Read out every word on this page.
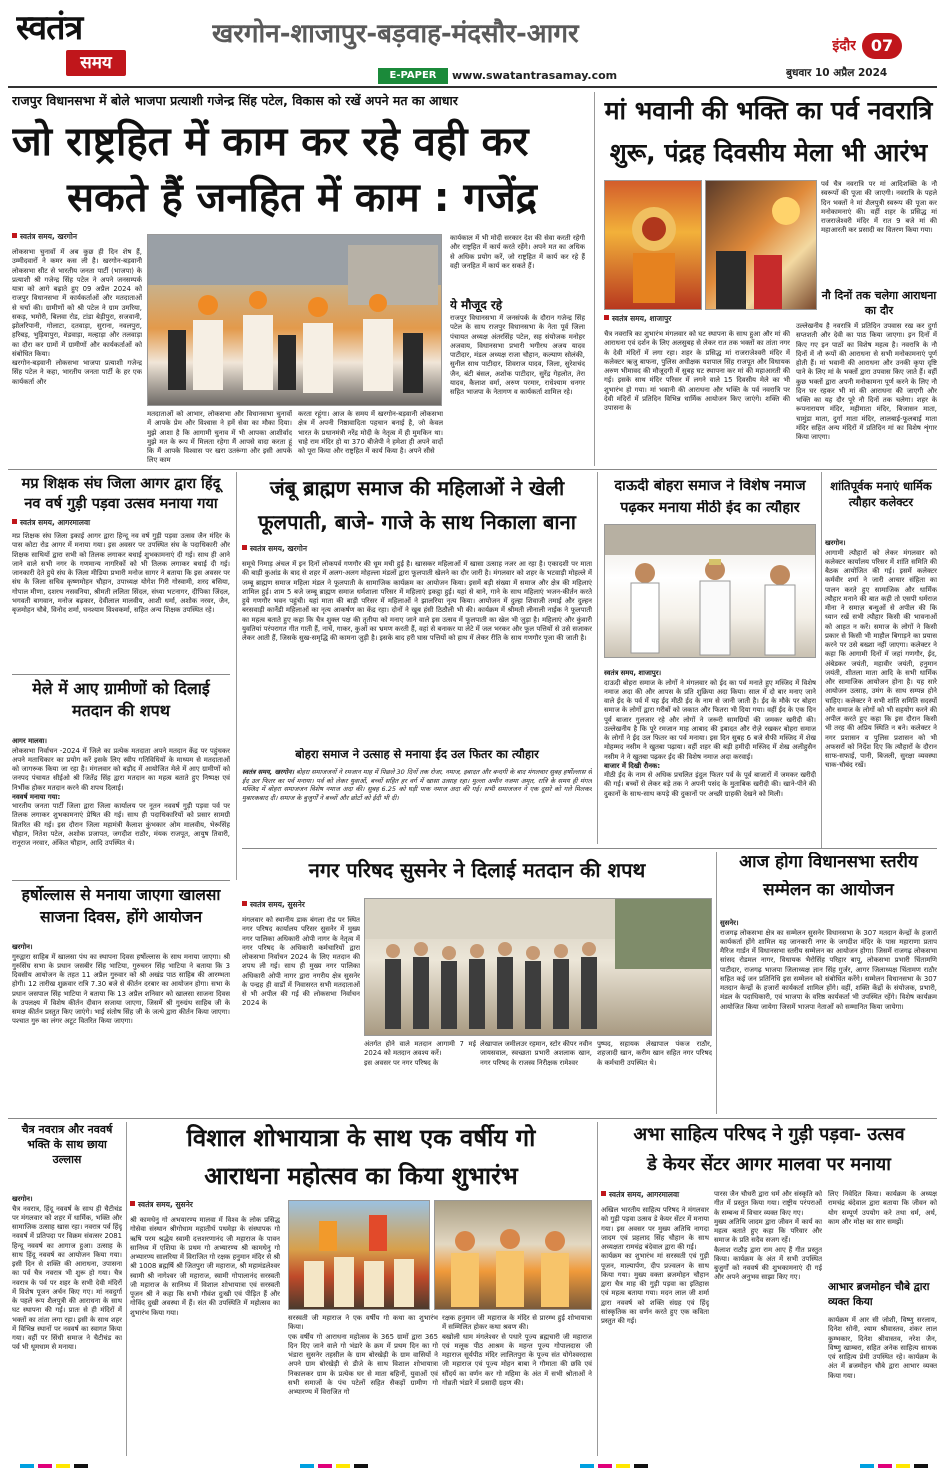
स्वतंत्र
समय
खरगोन-शाजापुर-बड़वाह-मंदसौर-आगर	इंदौर 07
बुधवार 10 अप्रैल 2024
E-PAPER	www.swatantrasamay.com
राजपुर विधानसभा में बोले भाजपा प्रत्याशी गजेन्द्र सिंह पटेल, विकास को रखें अपने मत का आधार
जो राष्ट्रहित में काम कर रहे वही कर
सकते हैं जनहित में काम : गजेंद्र
स्वतंत्र समय, खरगोन
लोकसभा चुनावों में अब कुछ ही दिन शेष हैं, उम्मीदवारों ने कमर कस ली है। खरगोन-बड़वानी लोकसभा सीट से भारतीय जनता पार्टी (भाजपा) के प्रत्याशी श्री गजेन्द्र सिंह पटेल ने अपने जनसम्पर्क यात्रा को आगे बढ़ाते हुए 09 अप्रैल 2024 को राजपुर विधानसभा में कार्यकर्ताओं और मतदाताओं से चर्चा की। ग्रामीणों को श्री पटेल ने ग्राम उमरिया, सकड़, भमोरी, बिलवा रोड, टांडा बेड़ीपुरा, सजवानी, झोलरिपानी, गोलाटा, दतवाड़ा, सुराना, नवलपुरा, हरिबड़, भुड़ियापुरा, मेडवाड़ा, मल्हाड़ा और तलवाड़ा का दौरा कर ग्रामों में ग्रामीणों और कार्यकर्ताओं को संबोधित किया।
खरगोन-बड़वानी लोकसभा भाजपा प्रत्याशी गजेन्द्र सिंह पटेल ने कहा, भारतीय जनता पार्टी के हर एक कार्यकर्ता और
मतदाताओं को आभार, लोकसभा और विधानसभा चुनावों में आपके प्रेम और विश्वास ने हमें सेवा का मौका दिया। मुझे आशा है कि आगामी चुनाव में भी आपका आशीर्वाद मुझे मत के रूप में मिलता रहेगा मैं आपसे वादा करता हूं कि मैं आपके विश्वास पर खरा उतरूंगा और इसी आपके लिए काम
करता रहूंगा। आज के समय में खरगोन-बड़वानी लोकसभा क्षेत्र में अपनी निष्ठावादिता पहचान बनाई है, जो केवल भारत के प्रधानमंत्री नरेंद्र मोदी के नेतृत्व में ही मुमकिन था। चाहे राम मंदिर हो या 370 बीजेपी ने हमेशा ही अपने वादों को पूरा किया और राष्ट्रहित में कार्य किया है। अपने सीसे
कार्यकाल में भी मोदी सरकार देश की सेवा करती रहेगी और राष्ट्रहित में कार्य करते रहेंगे। अपने मत का अधिक से अधिक प्रयोग करें, जो राष्ट्रहित में कार्य कर रहे हैं वही जनहित में कार्य कर सकते हैं।
ये मौजूद रहे
राजपुर विधानसभा में जनसंपर्क के दौरान गजेन्द्र सिंह पटेल के साथ राजपुर विधानसभा के नेता पूर्व जिला पंचायत अध्यक्ष अंतरसिंह पटेल, सह संयोजक मनोहर अजवाय, विधानसभा प्रभारी भगीरथ अजय यादव पाटीदार, मंडल अध्यक्ष राजा चौहान, कल्याण सोलंकी, सुनील साथ पाटीदार, शिवराज यादव, जिला, सुरेशचंद जैन, बंटी बंसल, अशोक पाटीदार, सुरेंद्र गेहलोत, तेरा यादव, कैलाश वर्मा, अरुण परमार, राधेश्याम धनगर सहित भाजपा के नेतागण व कार्यकर्ता शामिल रहे।
मां भवानी की भक्ति का पर्व नवरात्रि
शुरू, पंद्रह दिवसीय मेला भी आरंभ
पर्व चैत्र नवरात्रि पर मां आदिशक्ति के नौ स्वरूपों की पूजा की जाएगी। नवरात्रि के पहले दिन भक्तों ने मां शैलपुत्री स्वरूप की पूजा कर मनोकामनाएं की। वहीं शहर के प्रसिद्ध मां राजराजेश्वरी मंदिर में रात 9 बजे मां की महाआरती कर प्रसादी का वितरण किया गया।
नौ दिनों तक चलेगा आराधना का दौर
स्वतंत्र समय, शाजापुर
चैत्र नवरात्रि का शुभारंभ मंगलवार को घट स्थापना के साथ हुआ और मां की आराधना एवं दर्शन के लिए अलसुबह से लेकर रात तक भक्तों का तांता नगर के देवी मंदिरों में लगा रहा। शहर के प्रसिद्ध मां राजराजेश्वरी मंदिर में कलेक्टर ऋजु बाफना, पुलिस अधीक्षक यशपाल सिंह राजपूत और विधायक अरुण भीमावद की मौजूदगी में सुबह घट स्थापना कर मां की महाआरती की गई। इसके साथ मंदिर परिसर में लगने वाले 15 दिवसीय मेले का भी शुभारंभ हो गया। मां भवानी की आराधना और भक्ति के पर्व नवरात्रि पर देवी मंदिरों में प्रतिदिन विभिन्न धार्मिक आयोजन किए जाएंगे। शक्ति की उपासना के
उल्लेखनीय है नवरात्रि में प्रतिदिन उपवास रख कर दुर्गा सप्तशती और देवी का पाठ किया जाएगा। इन दिनों में किए गए इन पाठों का विशेष महत्व है। नवरात्रि के नौ दिनों में नौ रूपों की आराधना से सभी मनोकामनाएं पूर्ण होती हैं। मां भवानी की आराधना और उनकी कृपा दृष्टि पाने के लिए मां के भक्तों द्वारा उपवास किए जाते हैं। वहीं कुछ भक्तों द्वारा अपनी मनोकामना पूर्ण करने के लिए नौ दिन घर रहकर भी मां की आराधना की जाएगी और भक्ति का यह दौर पूरे नौ दिनों तक चलेगा। शहर के रूपनारायण मंदिर, महीमाता मंदिर, बिजासन माता, चामुंडा माता, दुर्गा माता मंदिर, लालबाई-फूलबाई माता मंदिर सहित अन्य मंदिरों में प्रतिदिन मां का विशेष शृंगार किया जाएगा।
मप्र शिक्षक संघ जिला आगर द्वारा हिंदू नव वर्ष गुड़ी पड़वा उत्सव मनाया गया
स्वतंत्र समय, आगरमालवा
मप्र शिक्षक संघ जिला इकाई आगर द्वारा हिन्दू नव वर्ष गुड़ी पड़वा उत्सव जैन मंदिर के पास कोटा रोड आगर में मनाया गया। इस अवसर पर उपस्थित संघ के पदाधिकारी और शिक्षक साथियों द्वारा सभी को तिलक लगाकर बधाई शुभकामनाएं दी गई। साथ ही आने जाने वाले सभी नगर के गणमान्य नागरिकों को भी तिलक लगाकर बधाई दी गई। जानकारी देते हुये संघ के जिला मीडिया प्रभारी मनोज सागर ने बताया कि इस अवसर पर संघ के जिला सचिव कृष्णमोहन चौहान, उपाध्यक्ष योगेश गिरी गोस्वामी, शरद बसिया, गोपाल मीणा, दशरथ नसवनिया, श्रीमती ललिता सिंदल, संध्या भटनागर, दीपिका जिंदल, भगवती बागवान, मनोज बढ़कार, देवीलाल मालवीय, आशी धर्मा, अशोक नरवर, जैन, बृजमोहन चौबे, विनोद शर्मा, घनश्याम विश्वकर्मा, सहित अन्य शिक्षक उपस्थित रहे।
मेले में आए ग्रामीणों को दिलाई मतदान की शपथ

आगर मालवा।
लोकसभा निर्वाचन -2024 में जिले का प्रत्येक मतदाता अपने मतदान केंद्र पर पहुंचकर अपने मताधिकार का प्रयोग करें इसके लिए स्वीप गतिविधियों के माध्यम से मतदाताओं को जागरूक किया जा रहा है। मंगलवार को बड़ौद में आयोजित मेले में आए ग्रामीणों को जनपद पंचायत सीईओ श्री जितेंद्र सिंह द्वारा मतदान का महत्व बताते हुए निष्पक्ष एवं निर्भीक होकर मतदान करने की शपथ दिलाई।
नववर्ष मनाया गया:
भारतीय जनता पार्टी जिला द्वारा जिला कार्यालय पर नूतन नववर्ष गुड़ी पड़वा पर्व पर तिलक लगाकर शुभकामनाएं प्रेषित की गई। साथ ही पदाधिकारियों को प्रसार सामग्री वितरित की गई। इस दौरान जिला महामंत्री कैलाश कुंभकार ओम मालवीय, भेरूसिंह चौहान, नितेश पटेल, अशोक प्रजापत, जगदीश राठौर, मंयक राजपूत, आयुष तिवारी, रानूराज नरवार, अंकित चौहान, आदि उपस्थित थे।

जंबू ब्राह्मण समाज की महिलाओं ने खेली
फूलपाती, बाजे- गाजे के साथ निकाला बाना
स्वतंत्र समय, खरगोन
समूचे निमाड़ अंचल में इन दिनों लोकपर्व गणगौर की धूम मची हुई है। खासकर महिलाओं में खासा उत्साह नजर आ रहा है। एकादशी पर माता की बाड़ी कुआंड के बाद से शहर में अलग-अलग मोहल्ला मंडलों द्वारा फूलपाती खेलने का दौर जारी है। मंगलवार को शहर के भटवाड़ी मोहल्ले में जम्बू ब्राह्मण समाज महिला मंडल ने फूलपाती के सामाजिक कार्यक्रम का आयोजन किया। इसमें बड़ी संख्या में समाज और क्षेत्र की महिलाएं शामिल हुई। शाम 5 बजे जम्बू ब्राह्मण समाज धर्मशाला परिसर में महिलाएं इकट्ठा हुई। यहां से बाने, गाने के साथ महिलाएं भजन-कीर्तन करते हुये गणगौर भवन पहुंची। यहां माता की बाड़ी परिसर में महिलाओं ने झालरिया नृत्य किया। आयोजन में दुल्हा शिवाजी तमाई और दुल्हन बरसवाड़ी कार्नेडी महिलाओं का नृत्य आकर्षण का केंद्र रहा। दोनों ने खूब हंसी ठिठौली भी की। कार्यक्रम में श्रीमती लीनाली नाईक ने फूलपाती का महत्व बताते हुए कहा कि चैत्र शुक्ल पक्ष की तृतीया को मनाए जाने वाले इस उत्सव में फूलपाती का खेल भी जुड़ा है। महिलाएं और कुंवारी युवतियां परंपरागत गीत गाती हैं, नाचें, गाकर, कुओं का भ्रमण करती हैं, वहां से बनाकर या लेटे में जल भरकर और फूल पत्तियों से उसे सजाकर लेकर आती हैं, जिसके सुख-समृद्धि की कामना जुड़ी है। इसके बाद हरी घास पत्तियों को हाथ में लेकर रीति के साथ गणगौर पूजा की जाती है।
बोहरा समाज ने उत्साह से मनाया ईद उल फितर का त्यौहार
स्वतंत्र समय, खरगोन। बोहरा समाजजनों ने रमजान माह में पिछले 30 दिनों तक रोजा, नमाज, इबादत और बन्दगी के बाद मंगलवार सुबह हर्षोल्लास से ईद उल फितर का पर्व मनाया। पर्व को लेकर युवाओं, बच्चों सहित हर वर्ग में खासा उत्साह रहा। मुल्ला अमीन नजमा अमृत, रात्रि के समय ही मंगल मस्जिद में बोहरा समाजजन विशेष नमाज अदा की। सुबह 6.25 को घड़ी पाक नमाज अदा की गई। सभी समाजजन ने एक दूसरे को गले मिलकर मुबारकबाद दी। समाज के बुजुर्गों ने बच्चों और छोटों को ईदी भी दी।
दाऊदी बोहरा समाज ने विशेष नमाज
पढ़कर मनाया मीठी ईद का त्यौहार

स्वतंत्र समय, शाजापुर।
दाऊदी बोहरा समाज के लोगों ने मंगलवार को ईद का पर्व मनाते हुए मस्जिद में विशेष नमाज अदा की और आपस के प्रति शुक्रिया अदा किया। साल में दो बार मनाए जाने वाले ईद के पर्व में यह ईद मीठी ईद के नाम से जानी जाती है। ईद के मौके पर बोहरा समाज के लोगों द्वारा गरीबों को जकात और फितरा भी दिया गया। वहीं ईद के एक दिन पूर्व बाजार गुलजार रहे और लोगों ने जरूरी सामग्रियों की जमकर खरीदी की। उल्लेखनीय है कि पूरे रमजान माह आबाद की इबादत और रोज़े रखकर बोहरा समाज के लोगों ने ईद उल फितर का पर्व मनाया। इस दिन सुबह 6 बजे सैफी मस्जिद में शेख मोहम्मद नसीम ने खुतबा पढ़ाया। वहीं शहर की बड़ी हमीदी मस्जिद में शेख अलीहुसैन नसीम ने ने खुतबा पढ़कर ईद की विशेष नमाज अदा करवाई।
बाजार में दिखी रौनक:
मीठी ईद के नाम से अधिक प्रचलित इंदुल फितर पर्व के पूर्व बाजारों में जमकर खरीदी की गई। बच्चों से लेकर बड़े तक ने अपनी पसंद के मुताबिक खरीदी की। खाने-पीने की दुकानों के साथ-साथ कपड़े की दुकानों पर अच्छी ग्राहकी देखने को मिली।

शांतिपूर्वक मनाएं धार्मिक त्यौहार कलेक्टर

खरगोन।
आगामी त्यौहारों को लेकर मंगलवार को कलेक्टर कार्यालय परिसर में शांति समिति की बैठक आयोजित की गई। इसमें कलेक्टर कर्मवीर शर्मा ने जारी आचार संहिता का पालन करते हुए सामाजिक और धार्मिक त्यौहार मनाने की बात कही तो एसपी धर्मराज मीना ने समाज़ बन्धुओं से अपील की कि ध्यान रखें सभी त्यौहार किसी की भावनाओं को आहत न करें। समाज के लोगों ने किसी प्रकार से किसी भी माहौल बिगाड़ने का प्रयास करने पर उसे बख्शा नहीं जाएगा। कलेक्टर ने कहा कि आगामी दिनों में जहां गणगौर, ईद, अंबेडकर जयंती, महावीर जयंती, हनुमान जयंती, शीतला माता आदि के सभी धार्मिक और सामाजिक आयोजन होना है। यह सारे आयोजन उत्साह, उमंग के साथ सम्पन्न होने चाहिए। कलेक्टर ने सभी शांति समिति सदस्यों और समाज के लोगों को भी सहयोग करने की अपील करते हुए कहा कि इस दौरान किसी भी तरह की अप्रिय स्थिति न बने। कलेक्टर ने नगर प्रशासन व पुलिस प्रशासन को भी अफसरों को निर्देश दिए कि त्यौहारों के दौरान साफ-सफाई, पानी, बिजली, सुरक्षा व्यवस्था चाक-चौबंद रखें।

हर्षोल्लास से मनाया जाएगा खालसा साजना दिवस, होंगे आयोजन

खरगोन।
गुरुद्वारा साहिब में खालसा पंथ का स्थापना दिवस हर्षोल्लास के साथ मनाया जाएगा। श्री गुरुसिंघ सभा के प्रधान जसबीर सिंह भाटिया, गुरुचरन सिंह भाटिया ने बताया कि 3 दिवसीय आयोजन के तहत 11 अप्रैल गुरुवार को श्री अखंड पाठ साहिब की आरम्भता होगी। 12 तारीख शुक्रवार रात्रि 7.30 बजे से कीर्तन दरबार का आयोजन होगा। सभा के प्रधान जसपाल सिंह भाटिया ने बताया कि 13 अप्रैल शनिवार को खालसा साजना दिवस के उपलक्ष्य में विशेष कीर्तन दीवान सजाया जाएगा, जिसमें श्री गुरुग्रंथ साहिब जी के समक्ष कीर्तन प्रस्तुत किए जाएंगे। भाई संतोष सिंह जी के जत्थे द्वारा कीर्तन किया जाएगा। पश्चात गुरु का लंगर अटूट वितरित किया जाएगा।

नगर परिषद सुसनेर ने दिलाई मतदान की शपथ
स्वतंत्र समय, सुसनेर
मंगलवार को स्थानीय डाक बंगला रोड पर स्थित नगर परिषद कार्यालय परिसर सुसनेर में मुख्य नगर पालिका अधिकारी ओपी नागर के नेतृत्व में नगर परिषद के अधिकारी कर्मचारियों द्वारा लोकसभा निर्वाचन 2024 के लिए मतदान की शपथ ली गई। साथ ही मुख्य नगर पालिका अधिकारी ओपी नागर द्वारा नगरीय क्षेत्र सुसनेर के पन्द्रह ही वार्डों में निवासरत सभी मतदाताओं से भी अपील की गई की लोकसभा निर्वाचन 2024 के
अंतर्गत होने वाले मतदान आगामी 7 मई 2024 को मतदान अवश्य करें।
इस अवसर पर नगर परिषद के
लेखापाल जमीलउर रहमान, स्टोर कीपर नवीन जायसवाल, स्वच्छता प्रभारी अशलाक खान, नगर परिषद के राजस्व निरीक्षक रामेश्वर
पुष्पद, सहायक लेखापाल पंकज राठौर, शहजादी खान, करीम खान सहित नगर परिषद के कर्मचारी उपस्थित थे।
आज होगा विधानसभा स्तरीय
सम्मेलन का आयोजन

सुसनेर।
राजगढ़ लोकसभा क्षेत्र का सम्मेलन सुसनेर विधानसभा के 307 मतदान केन्द्रों के हजारों कार्यकर्ता होंगे शामिल यह जानकारी नगर के जगदीश मंदिर के पास महाराणा प्रताप मैरिज गार्डन में विधानसभा स्तरीय सम्मेलन का आयोजन होगा। जिसमें राजगढ़ लोकसभा सांसद रोडमल नागर, विधायक भैरोसिंह परिहार बापू, लोकसभा प्रभारी चिंतामणि पाटीदार, राजगढ़ भाजपा जिलाध्यक्ष ज्ञान सिंह गुर्जर, आगर जिलाध्यक्ष चिंतामण राठौर सहित कई जन प्रतिनिधि इस सम्मेलन को संबोधित करेंगे। सम्मेलन विधानसभा के 307 मतदान केन्द्रों के हजारों कार्यकर्ता शामिल होंगे। वहीं, शक्ति केंद्रों के संयोजक, प्रभारी, मंडल के पदाधिकारी, एवं भाजपा के वरिष्ठ कार्यकर्ता भी उपस्थित रहेंगे। विशेष कार्यक्रम आयोजित किया जायेगा जिसमें भाजपा नेताओं को सम्मानित किया जायेगा।

चैत्र नवरात्र और नववर्ष भक्ति के साथ छाया उल्लास

खरगोन।
चैत्र नवरात्र, हिंदू नववर्ष के साथ ही चैटीचंड पर मंगलवार को शहर में धार्मिक, भक्ति और सामाजिक उत्साह खास रहा। नवरात्र पर्व हिंदू नववर्ष में प्रतिपदा पर विक्रम संवत्सर 2081 हिन्दू नववर्ष का आगाज हुआ। उत्साह के साथ हिंदू नववर्ष का आयोजन किया गया। इसी दिन से शक्ति की आराधना, उपासना का पर्व चैत्र नवरात्र भी शुरू हो गया। चैत्र नवरात्र के पर्व पर शहर के सभी देवी मंदिरों में विशेष पूजन अर्चन किए गए। मां नवदुर्गा के पहले रूप शैलपुत्री की आराधना के साथ घट स्थापना की गई। प्रातः से ही मंदिरों में भक्तों का तांता लगा रहा। इसी के साथ शहर में विभिन्न स्थानों पर नववर्ष का स्वागत किया गया। वहीं पर सिंधी समाज ने चैटीचंड का पर्व भी धूमधाम से मनाया।

विशाल शोभायात्रा के साथ एक वर्षीय गो
आराधना महोत्सव का किया शुभारंभ
स्वतंत्र समय, सुसनेर
श्री कामधेनु गो अभयारण्य मालवा में विश्व के लोक प्रसिद्ध गोसेवा संस्थान श्रीगोधाम महातीर्थ पथमेड़ा के संस्थापक गो ऋषि परम श्रद्धेय स्वामी दत्तशरणानंद जी महाराज के पावन सानिध्य में एशिया के प्रथम गो अभ्यारण्य श्री कामधेनु गो अभ्यारण्य सालरिया में विराजित गो रक्षक हनुमान मंदिर से श्री श्री 1008 ब्रह्मर्षि श्री जितपुरा जी महाराज, श्री महामंडलेश्वर स्वामी श्री नागेश्वर जी महाराज, स्वामी गोपालानंद सरस्वती जी महाराज के सानिध्य में विशाल शोभायात्रा एवं सरस्वती पूजन श्री ने कहा कि सभी गौवंश दुःखी एवं पीड़ित हैं और गोविंद दुखी अवस्था में हैं। संत की उपस्थिति में महोत्सव का शुभारंभ किया गया।
सरस्वती जी महाराज ने एक वर्षीय गो कथा का शुभारंभ किया।
एक वर्षीय गो आराधना महोत्सव के 365 ग्रामों द्वारा 365 दिन दिए जाने वाले गो भंडारे के क्रम में प्रथम दिन का गो भंडारा सुसनेर तहसील के ग्राम बोरखेड़ी के ग्राम वासियों ने अपने ग्राम बोरखेड़ी से डीजे के साथ विशाल शोभायात्रा निकालकर ग्राम के प्रत्येक घर से माता बहिनों, युवाओं एवं सभी समाजों के पंच पटेलों सहित सैकड़ों ग्रामीण गो अभ्यारण्य में विराजित गो
रक्षक हनुमान जी महाराज के मंदिर से प्रारम्भ हुई शोभायात्रा में सम्मिलित होकर कथा श्रवण की।
बखोली धाम मंगलेश्वर से पधारे पूज्य ब्रह्मचारी जी महाराज एवं मलूक पीठ आश्रम के महन्त पूज्य गोपालदास जी महाराज सूर्यपीठ मंदिर लालितपुरा के पूज्य संत योगेश्वरदास जी महाराज एवं पूज्य मोहन बाबा ने गौमाता की छवि एवं सौंदर्य का वर्णन कर गो महिमा के अंत में सभी श्रोताओं ने गोव्रती भंडारे में प्रसादी ग्रहण की।
अभा साहित्य परिषद ने गुड़ी पड़वा- उत्सव
डे केयर सेंटर आगर मालवा पर मनाया
स्वतंत्र समय, आगरमालवा
अखिल भारतीय साहित्य परिषद ने मंगलवार को गुड़ी पड़वा उत्सव डे केयर सेंटर में मनाया गया। इस अवसर पर मुख्य अतिथि नागदा जादम एवं प्रहलाद सिंह चौहान के साथ अध्यक्षता रामचंद्र बंदेवाल द्वारा की गई।
कार्यक्रम का शुभारंभ मां सरस्वती एवं गुड़ी पूजन, माल्यार्पण, दीप प्रज्वलन के साथ किया गया। मुख्य वक्ता ब्रजमोहन चौहान द्वारा चैत्र माह की गुड़ी पड़वा का इतिहास एवं महत्व बताया गया। मदन लाल जी शर्मा द्वारा नववर्ष को शक्ति संग्रह एवं हिंदू सांस्कृतिक का वर्णन करते हुए एक कविता प्रस्तुत की गई।
पारस जैन चौधरी द्वारा धर्म और संस्कृति को गीत में प्रस्तुत किया गया। राष्ट्रीय परंपराओं के सम्बन्ध में विचार व्यक्त किए गए।
मुख्य अतिथि जादम द्वारा जीवन में कार्य का महत्व बताते हुए कहा कि परिवार और समाज के प्रति सदैव सजग रहें।
कैलाश राठौड़ द्वारा राम आए हैं गीत प्रस्तुत किया। कार्यक्रम के अंत में सभी उपस्थित बुजुर्गों को नववर्ष की शुभकामनाएं दी गई और अपने अनुभव साझा किए गए।
लिए निवेदित किया। कार्यक्रम के अध्यक्ष रामचंद्र बंदेवाल द्वारा बताया कि जीवन को योग सम्पूर्ण उपयोग करे तथा धर्म, अर्थ, काम और मोक्ष का सार समझें।
आभार ब्रजमोहन चौबे द्वारा व्यक्त किया
कार्यक्रम में आर सी जोशी, विष्णु सरलाय, दिनेश सोनी, श्याम श्रीवास्तव, शंकर लाल कुम्भकार, दिनेश श्रीवास्तव, नरेश जैन, विष्णु खाम्बरा, सहित अनेक साहित्य साधक एवं साहित्य प्रेमी उपस्थित रहे। कार्यक्रम के अंत में ब्रजमोहन चौबे द्वारा आभार व्यक्त किया गया।
